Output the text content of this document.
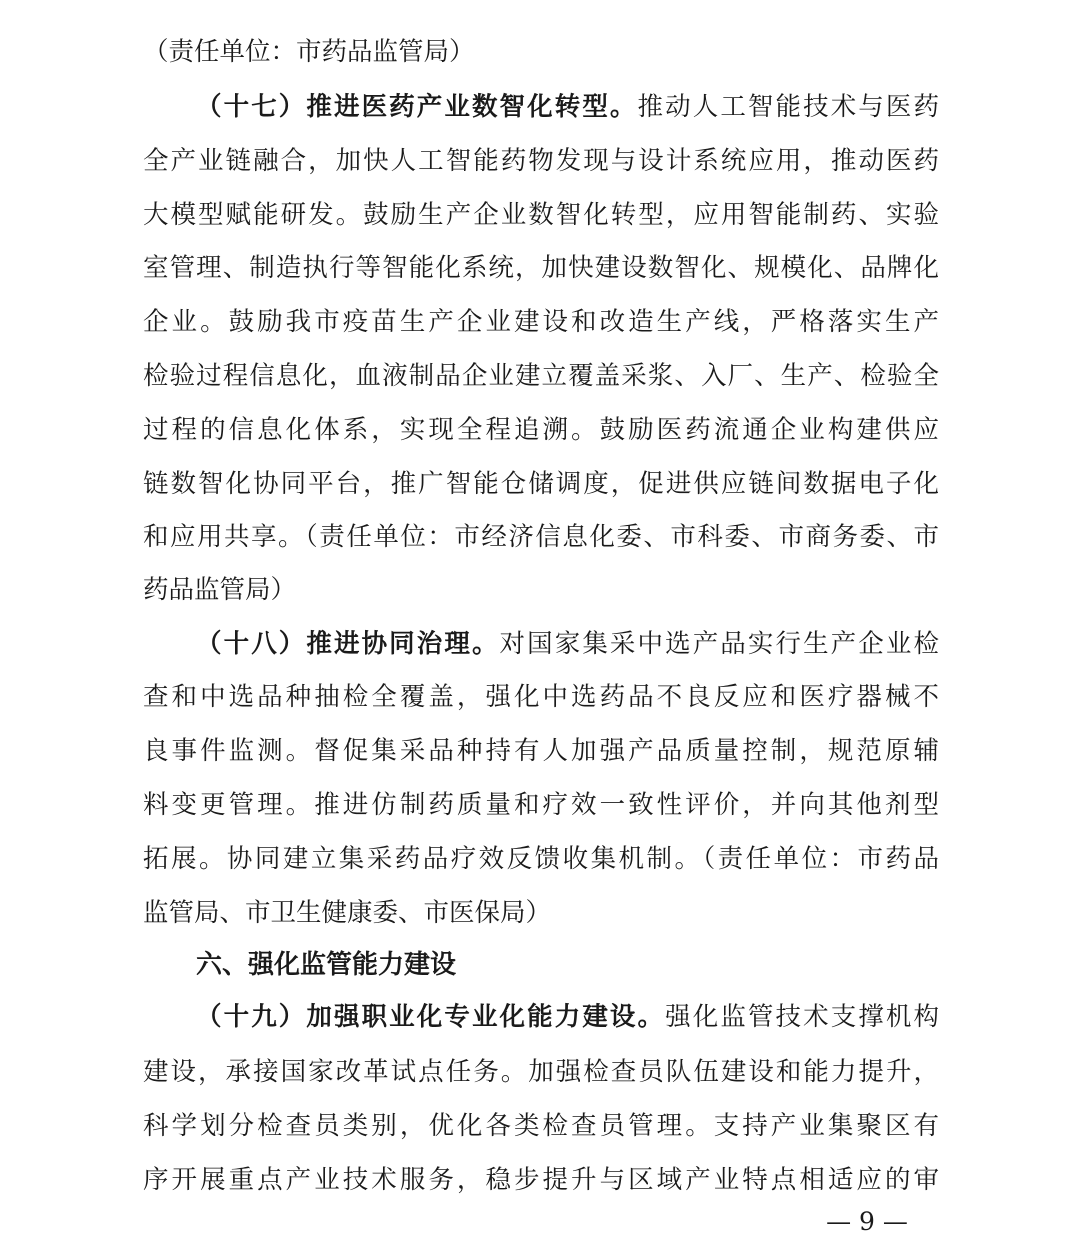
（责任单位：市药品监管局）
（十七）推进医药产业数智化转型。推动人工智能技术与医药
全产业链融合，加快人工智能药物发现与设计系统应用，推动医药
大模型赋能研发。鼓励生产企业数智化转型，应用智能制药、实验
室管理、制造执行等智能化系统，加快建设数智化、规模化、品牌化
企业。鼓励我市疫苗生产企业建设和改造生产线，严格落实生产
检验过程信息化，血液制品企业建立覆盖采浆、入厂、生产、检验全
过程的信息化体系，实现全程追溯。鼓励医药流通企业构建供应
链数智化协同平台，推广智能仓储调度，促进供应链间数据电子化
和应用共享。（责任单位：市经济信息化委、市科委、市商务委、市
药品监管局）
（十八）推进协同治理。对国家集采中选产品实行生产企业检
查和中选品种抽检全覆盖，强化中选药品不良反应和医疗器械不
良事件监测。督促集采品种持有人加强产品质量控制，规范原辅
料变更管理。推进仿制药质量和疗效一致性评价，并向其他剂型
拓展。协同建立集采药品疗效反馈收集机制。（责任单位：市药品
监管局、市卫生健康委、市医保局）
六、强化监管能力建设
（十九）加强职业化专业化能力建设。强化监管技术支撑机构
建设，承接国家改革试点任务。加强检查员队伍建设和能力提升，
科学划分检查员类别，优化各类检查员管理。支持产业集聚区有
序开展重点产业技术服务，稳步提升与区域产业特点相适应的审
— 9 —
